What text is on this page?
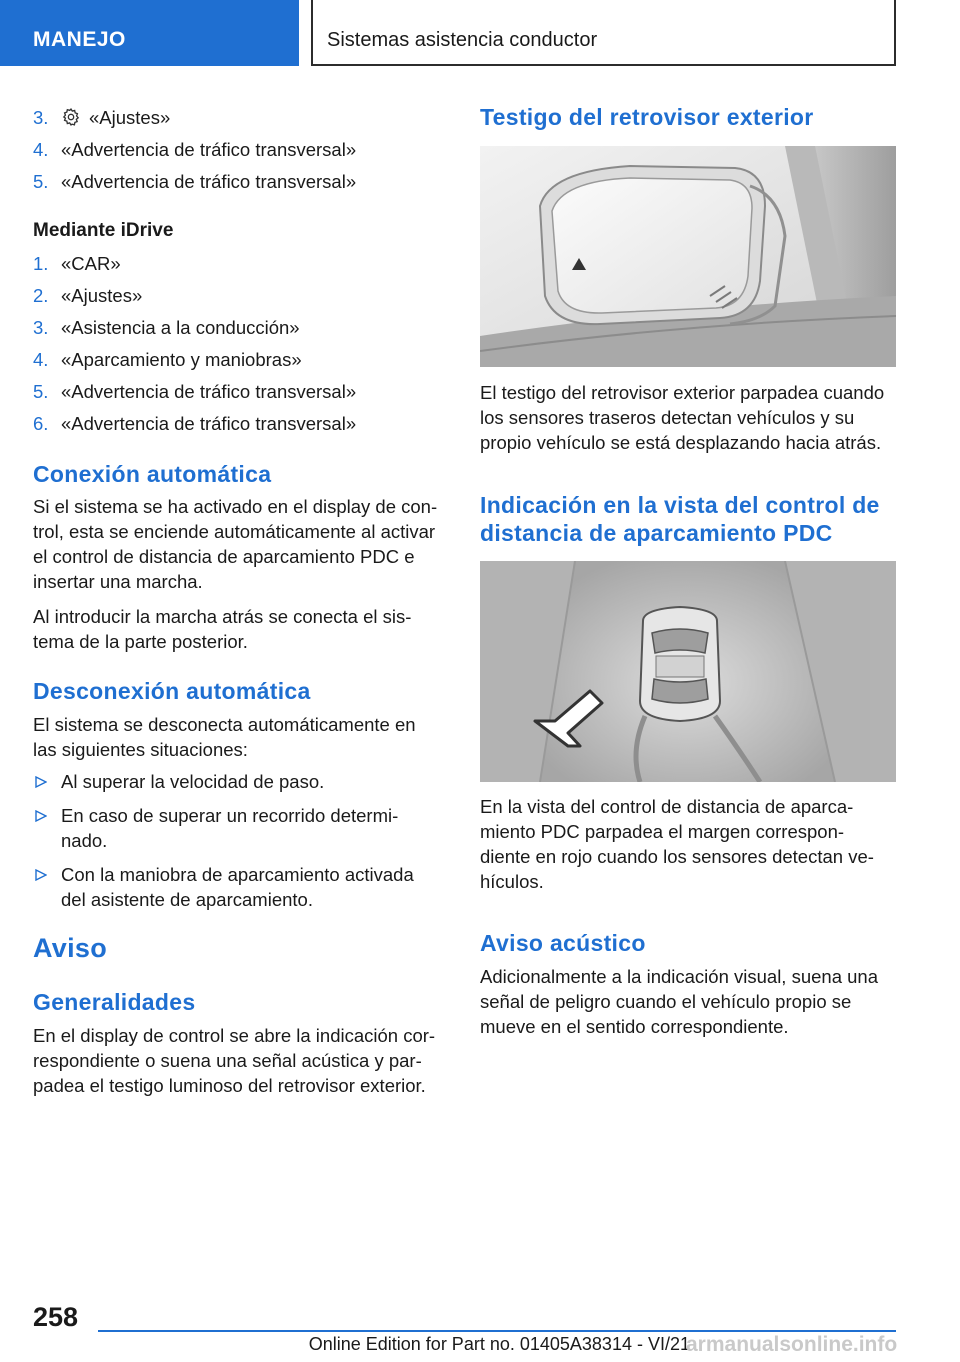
MANEJO	Sistemas asistencia conductor
3.	«Ajustes»
4. «Advertencia de tráfico transversal»
5. «Advertencia de tráfico transversal»
Mediante iDrive
1. «CAR»
2. «Ajustes»
3. «Asistencia a la conducción»
4. «Aparcamiento y maniobras»
5. «Advertencia de tráfico transversal»
6. «Advertencia de tráfico transversal»
Conexión automática
Si el sistema se ha activado en el display de con-
trol, esta se enciende automáticamente al activar
el control de distancia de aparcamiento PDC e
insertar una marcha.
Al introducir la marcha atrás se conecta el sis-
tema de la parte posterior.
Desconexión automática
El sistema se desconecta automáticamente en
las siguientes situaciones:
Al superar la velocidad de paso.
En caso de superar un recorrido determi-
nado.
Con la maniobra de aparcamiento activada
del asistente de aparcamiento.
Aviso
Generalidades
En el display de control se abre la indicación cor-
respondiente o suena una señal acústica y par-
padea el testigo luminoso del retrovisor exterior.
Testigo del retrovisor exterior
El testigo del retrovisor exterior parpadea cuando
los sensores traseros detectan vehículos y su
propio vehículo se está desplazando hacia atrás.
Indicación en la vista del control de
distancia de aparcamiento PDC
En la vista del control de distancia de aparca-
miento PDC parpadea el margen correspon-
diente en rojo cuando los sensores detectan ve-
hículos.
Aviso acústico
Adicionalmente a la indicación visual, suena una
señal de peligro cuando el vehículo propio se
mueve en el sentido correspondiente.
258
Online Edition for Part no. 01405A38314 - VI/21
armanualsonline.info
